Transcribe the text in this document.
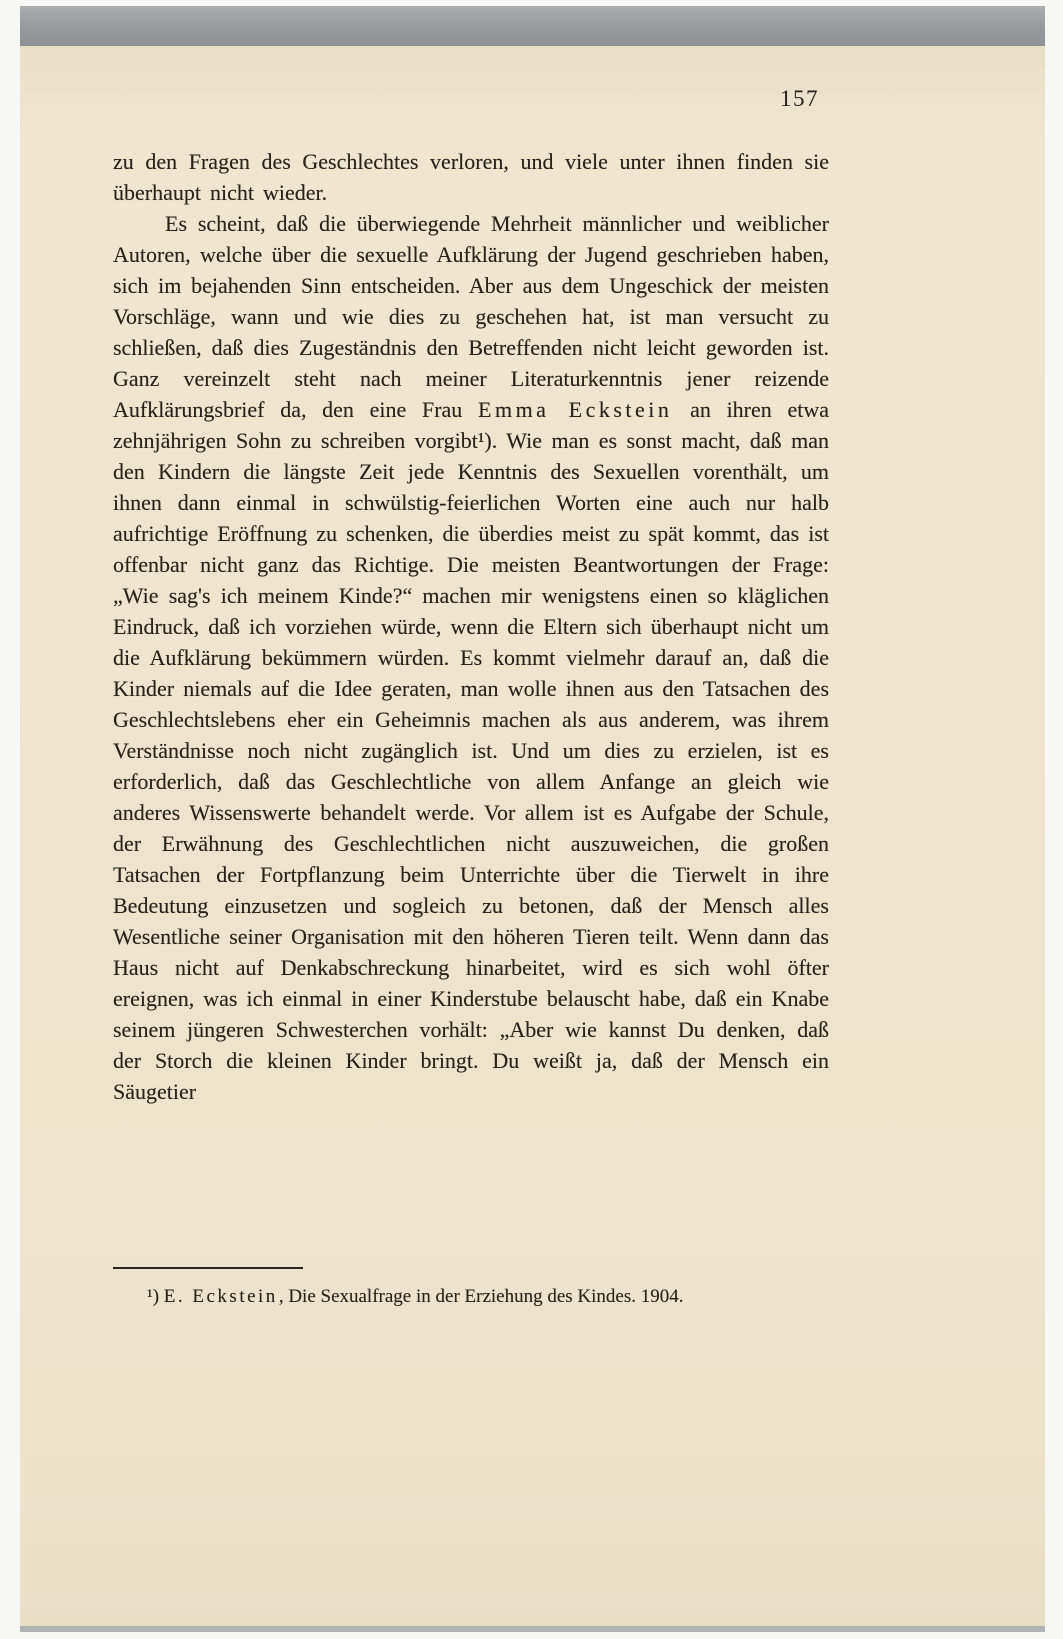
157

zu den Fragen des Geschlechtes verloren, und viele unter ihnen finden sie überhaupt nicht wieder.

Es scheint, daß die überwiegende Mehrheit männlicher und weiblicher Autoren, welche über die sexuelle Aufklärung der Jugend geschrieben haben, sich im bejahenden Sinn entscheiden. Aber aus dem Ungeschick der meisten Vorschläge, wann und wie dies zu geschehen hat, ist man versucht zu schließen, daß dies Zugeständnis den Betreffenden nicht leicht geworden ist. Ganz vereinzelt steht nach meiner Literaturkenntnis jener reizende Aufklärungsbrief da, den eine Frau Emma Eckstein an ihren etwa zehnjährigen Sohn zu schreiben vorgibt¹). Wie man es sonst macht, daß man den Kindern die längste Zeit jede Kenntnis des Sexuellen vorenthält, um ihnen dann einmal in schwülstig-feierlichen Worten eine auch nur halb aufrichtige Eröffnung zu schenken, die überdies meist zu spät kommt, das ist offenbar nicht ganz das Richtige. Die meisten Beantwortungen der Frage: „Wie sag's ich meinem Kinde?“ machen mir wenigstens einen so kläglichen Eindruck, daß ich vorziehen würde, wenn die Eltern sich überhaupt nicht um die Aufklärung bekümmern würden. Es kommt vielmehr darauf an, daß die Kinder niemals auf die Idee geraten, man wolle ihnen aus den Tatsachen des Geschlechtslebens eher ein Geheimnis machen als aus anderem, was ihrem Verständnisse noch nicht zugänglich ist. Und um dies zu erzielen, ist es erforderlich, daß das Geschlechtliche von allem Anfange an gleich wie anderes Wissenswerte behandelt werde. Vor allem ist es Aufgabe der Schule, der Erwähnung des Geschlechtlichen nicht auszuweichen, die großen Tatsachen der Fortpflanzung beim Unterrichte über die Tierwelt in ihre Bedeutung einzusetzen und sogleich zu betonen, daß der Mensch alles Wesentliche seiner Organisation mit den höheren Tieren teilt. Wenn dann das Haus nicht auf Denkabschreckung hinarbeitet, wird es sich wohl öfter ereignen, was ich einmal in einer Kinderstube belauscht habe, daß ein Knabe seinem jüngeren Schwesterchen vorhält: „Aber wie kannst Du denken, daß der Storch die kleinen Kinder bringt. Du weißt ja, daß der Mensch ein Säugetier

¹) E. Eckstein, Die Sexualfrage in der Erziehung des Kindes. 1904.
